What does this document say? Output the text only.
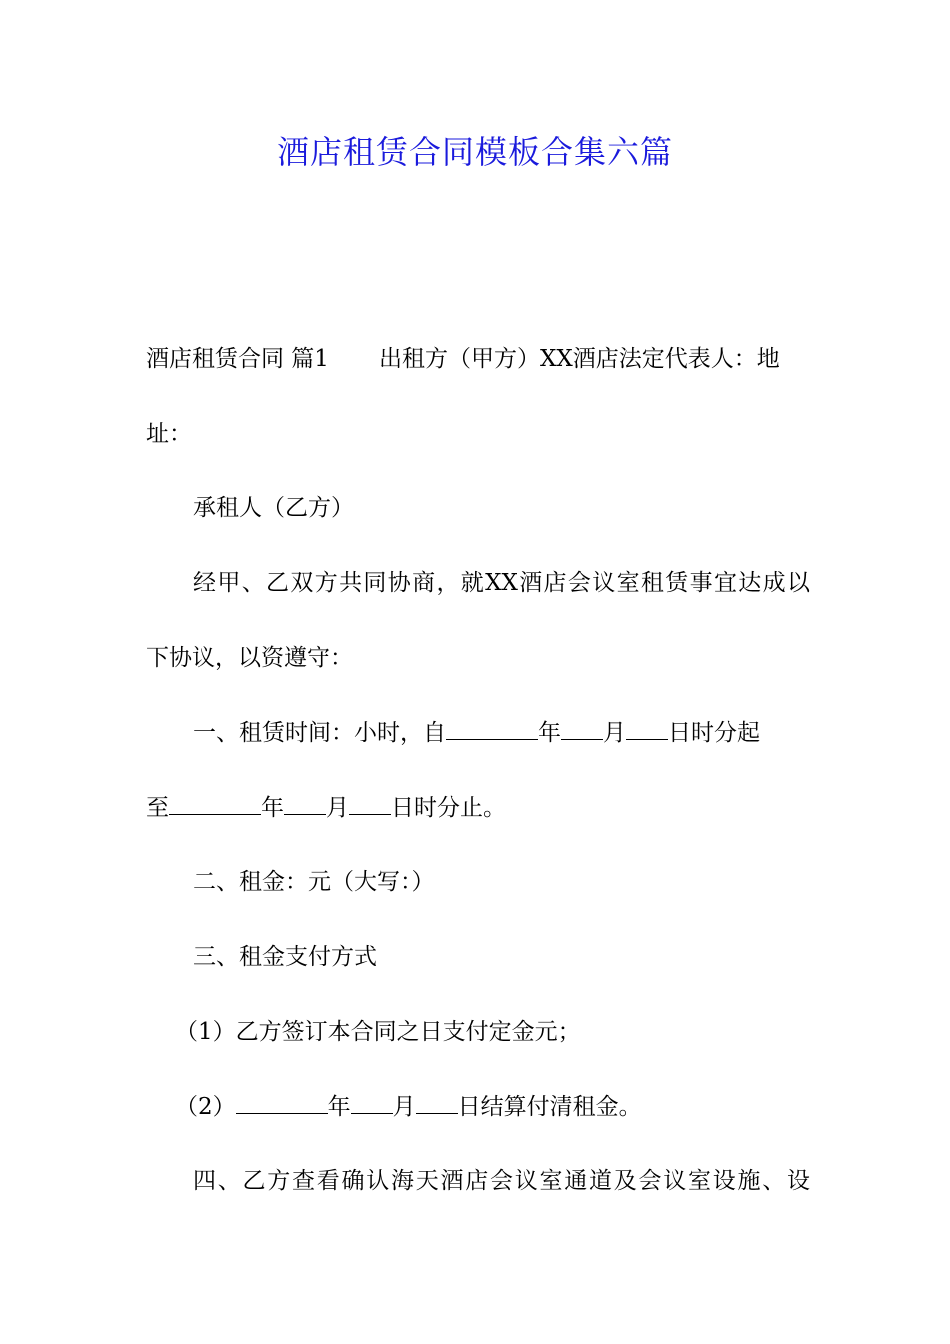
酒店租赁合同模板合集六篇
酒店租赁合同 篇1 出租方（甲方）XX酒店法定代表人：地
址：
承租人（乙方）
经甲、乙双方共同协商，就XX酒店会议室租赁事宜达成以
下协议，以资遵守：
一、租赁时间：小时，自	年 月 日时分起
至	年 月 日时分止。
二、租金：元（大写：）
三、租金支付方式
（1）乙方签订本合同之日支付定金元；
（2）	年 月 日结算付清租金。
四、乙方查看确认海天酒店会议室通道及会议室设施、设
